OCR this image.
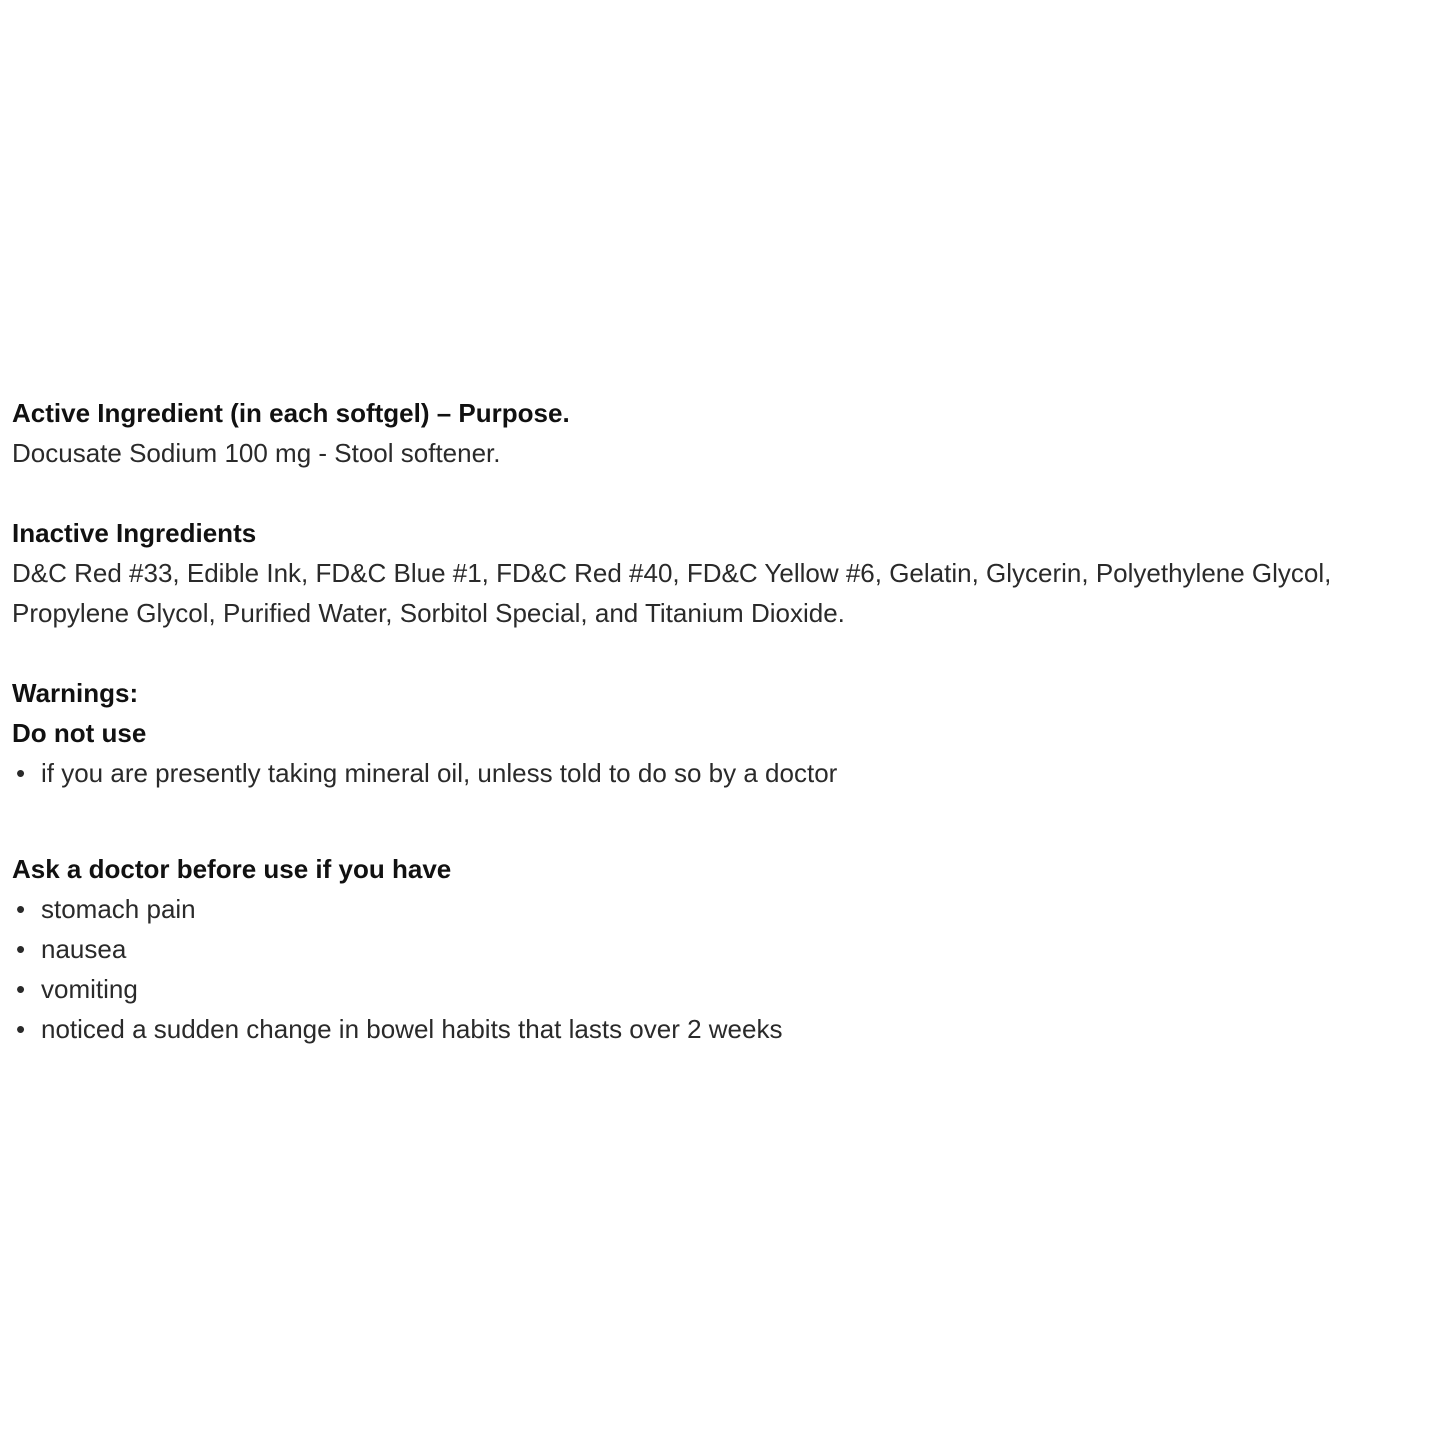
Active Ingredient (in each softgel) – Purpose.

Docusate Sodium 100 mg - Stool softener.

Inactive Ingredients

D&C Red #33, Edible Ink, FD&C Blue #1, FD&C Red #40, FD&C Yellow #6, Gelatin, Glycerin, Polyethylene Glycol, Propylene Glycol, Purified Water, Sorbitol Special, and Titanium Dioxide.

Warnings:

Do not use

• if you are presently taking mineral oil, unless told to do so by a doctor

Ask a doctor before use if you have

• stomach pain
• nausea
• vomiting
• noticed a sudden change in bowel habits that lasts over 2 weeks
